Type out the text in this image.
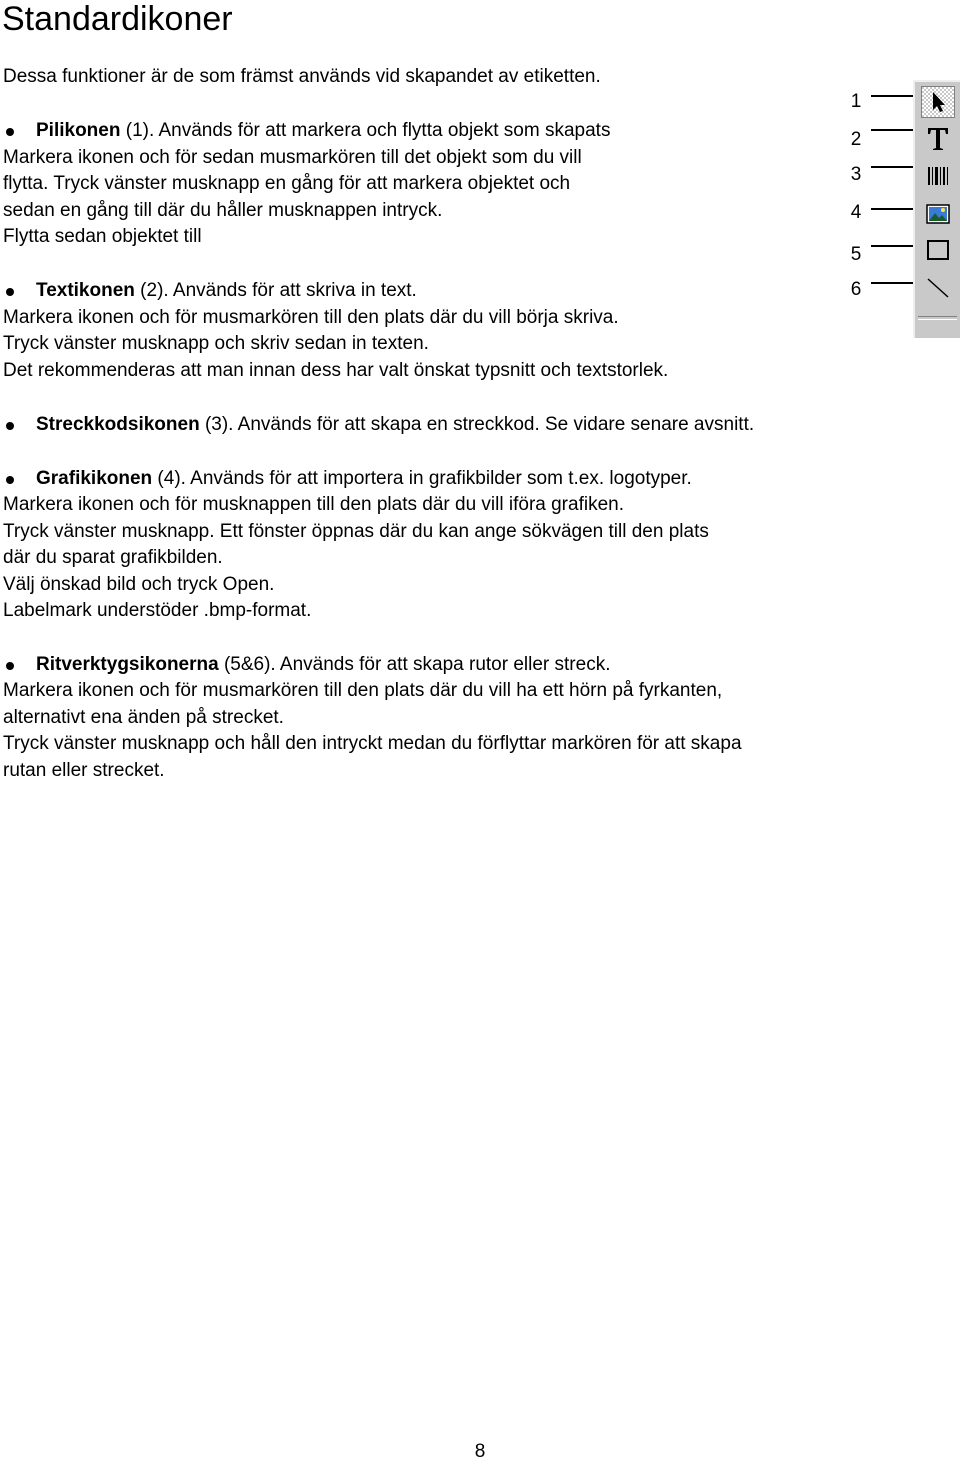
Standardikoner
Dessa funktioner är de som främst används vid skapandet av etiketten.
Pilikonen (1). Används för att markera och flytta objekt som skapats
Markera ikonen och för sedan musmarkören till det objekt som du vill
flytta. Tryck vänster musknapp en gång för att markera objektet och
sedan en gång till där du håller musknappen intryck.
Flytta sedan objektet till
Textikonen (2). Används för att skriva in text.
Markera ikonen och för musmarkören till den plats där du vill börja skriva.
Tryck vänster musknapp och skriv sedan in texten.
Det rekommenderas att man innan dess har valt önskat typsnitt och textstorlek.
Streckkodsikonen (3). Används för att skapa en streckkod. Se vidare senare avsnitt.
Grafikikonen (4). Används för att importera in grafikbilder som t.ex. logotyper.
Markera ikonen och för musknappen till den plats där du vill iföra grafiken.
Tryck vänster musknapp. Ett fönster öppnas där du kan ange sökvägen till den plats
där du sparat grafikbilden.
Välj önskad bild och tryck Open.
Labelmark understöder .bmp-format.
Ritverktygsikonerna (5&6). Används för att skapa rutor eller streck.
Markera ikonen och för musmarkören till den plats där du vill ha ett hörn på fyrkanten,
alternativt ena änden på strecket.
Tryck vänster musknapp och håll den intryckt medan du förflyttar markören för att skapa
rutan eller strecket.
1
2
3
4
5
6
8
